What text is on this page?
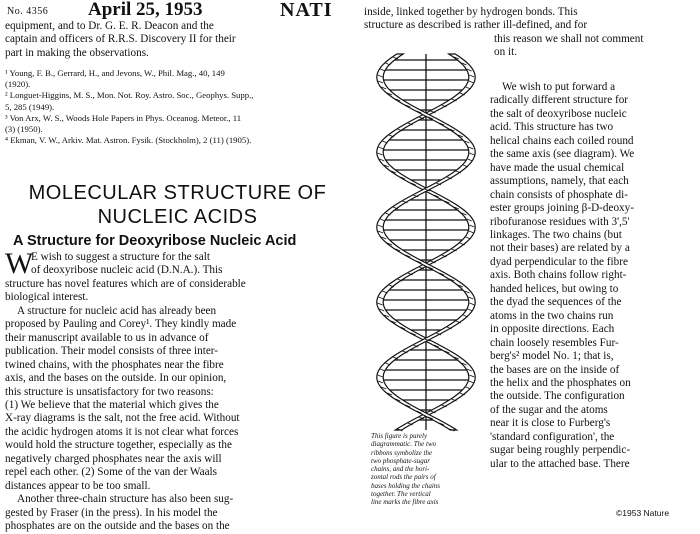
No. 4356 April 25, 1953	NATI
equipment, and to Dr. G. E. R. Deacon and the
captain and officers of R.R.S. Discovery II for their
part in making the observations.
¹ Young, F. B., Gerrard, H., and Jevons, W., Phil. Mag., 40, 149
(1920).
² Longuet-Higgins, M. S., Mon. Not. Roy. Astro. Soc., Geophys. Supp.,
5, 285 (1949).
³ Von Arx, W. S., Woods Hole Papers in Phys. Oceanog. Meteor., 11
(3) (1950).
⁴ Ekman, V. W., Arkiv. Mat. Astron. Fysik. (Stockholm), 2 (11) (1905).
MOLECULAR STRUCTURE OF
NUCLEIC ACIDS
A Structure for Deoxyribose Nucleic Acid
W
E wish to suggest a structure for the salt
of deoxyribose nucleic acid (D.N.A.). This
structure has novel features which are of considerable
biological interest.
A structure for nucleic acid has already been
proposed by Pauling and Corey¹. They kindly made
their manuscript available to us in advance of
publication. Their model consists of three inter-
twined chains, with the phosphates near the fibre
axis, and the bases on the outside. In our opinion,
this structure is unsatisfactory for two reasons:
(1) We believe that the material which gives the
X-ray diagrams is the salt, not the free acid. Without
the acidic hydrogen atoms it is not clear what forces
would hold the structure together, especially as the
negatively charged phosphates near the axis will
repel each other. (2) Some of the van der Waals
distances appear to be too small.
Another three-chain structure has also been sug-
gested by Fraser (in the press). In his model the
phosphates are on the outside and the bases on the
inside, linked together by hydrogen bonds. This
structure as described is rather ill-defined, and for
this reason we shall not comment
on it.
We wish to put forward a
radically different structure for
the salt of deoxyribose nucleic
acid. This structure has two
helical chains each coiled round
the same axis (see diagram). We
have made the usual chemical
assumptions, namely, that each
chain consists of phosphate di-
ester groups joining β-D-deoxy-
ribofuranose residues with 3',5'
linkages. The two chains (but
not their bases) are related by a
dyad perpendicular to the fibre
axis. Both chains follow right-
handed helices, but owing to
the dyad the sequences of the
atoms in the two chains run
in opposite directions. Each
chain loosely resembles Fur-
berg's² model No. 1; that is,
the bases are on the inside of
the helix and the phosphates on
the outside. The configuration
of the sugar and the atoms
near it is close to Furberg's
'standard configuration', the
sugar being roughly perpendic-
ular to the attached base. There
This figure is purely
diagrammatic. The two
ribbons symbolize the
two phosphate-sugar
chains, and the hori-
zontal rods the pairs of
bases holding the chains
together. The vertical
line marks the fibre axis
©1953 Nature
